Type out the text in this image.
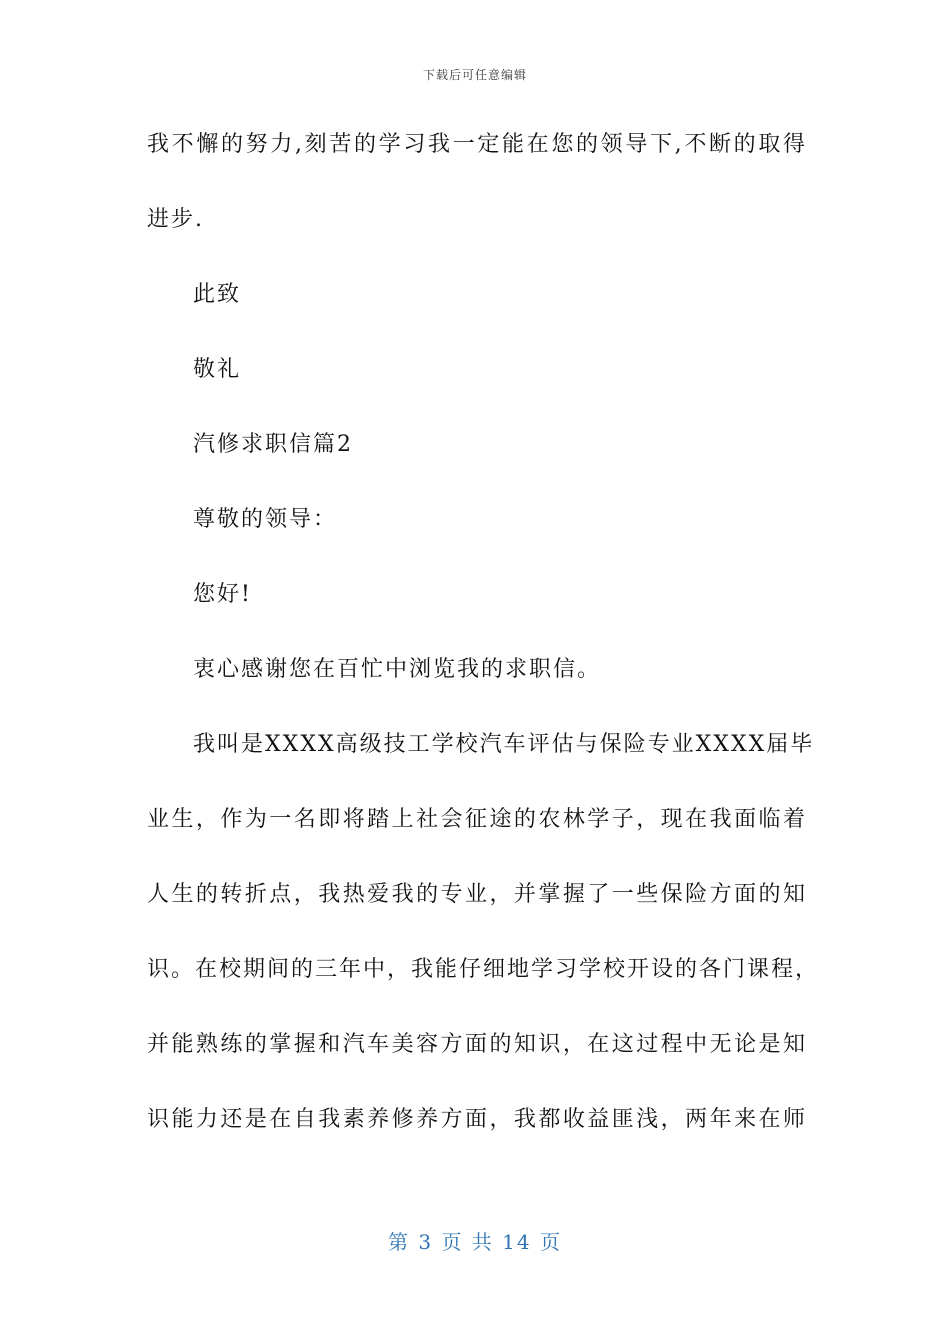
下载后可任意编辑
我不懈的努力,刻苦的学习我一定能在您的领导下,不断的取得
进步.
此致
敬礼
汽修求职信篇2
尊敬的领导：
您好!
衷心感谢您在百忙中浏览我的求职信。
我叫是XXXX高级技工学校汽车评估与保险专业XXXX届毕
业生，作为一名即将踏上社会征途的农林学子，现在我面临着
人生的转折点，我热爱我的专业，并掌握了一些保险方面的知
识。在校期间的三年中，我能仔细地学习学校开设的各门课程，
并能熟练的掌握和汽车美容方面的知识，在这过程中无论是知
识能力还是在自我素养修养方面，我都收益匪浅，两年来在师
第 3 页 共 14 页
